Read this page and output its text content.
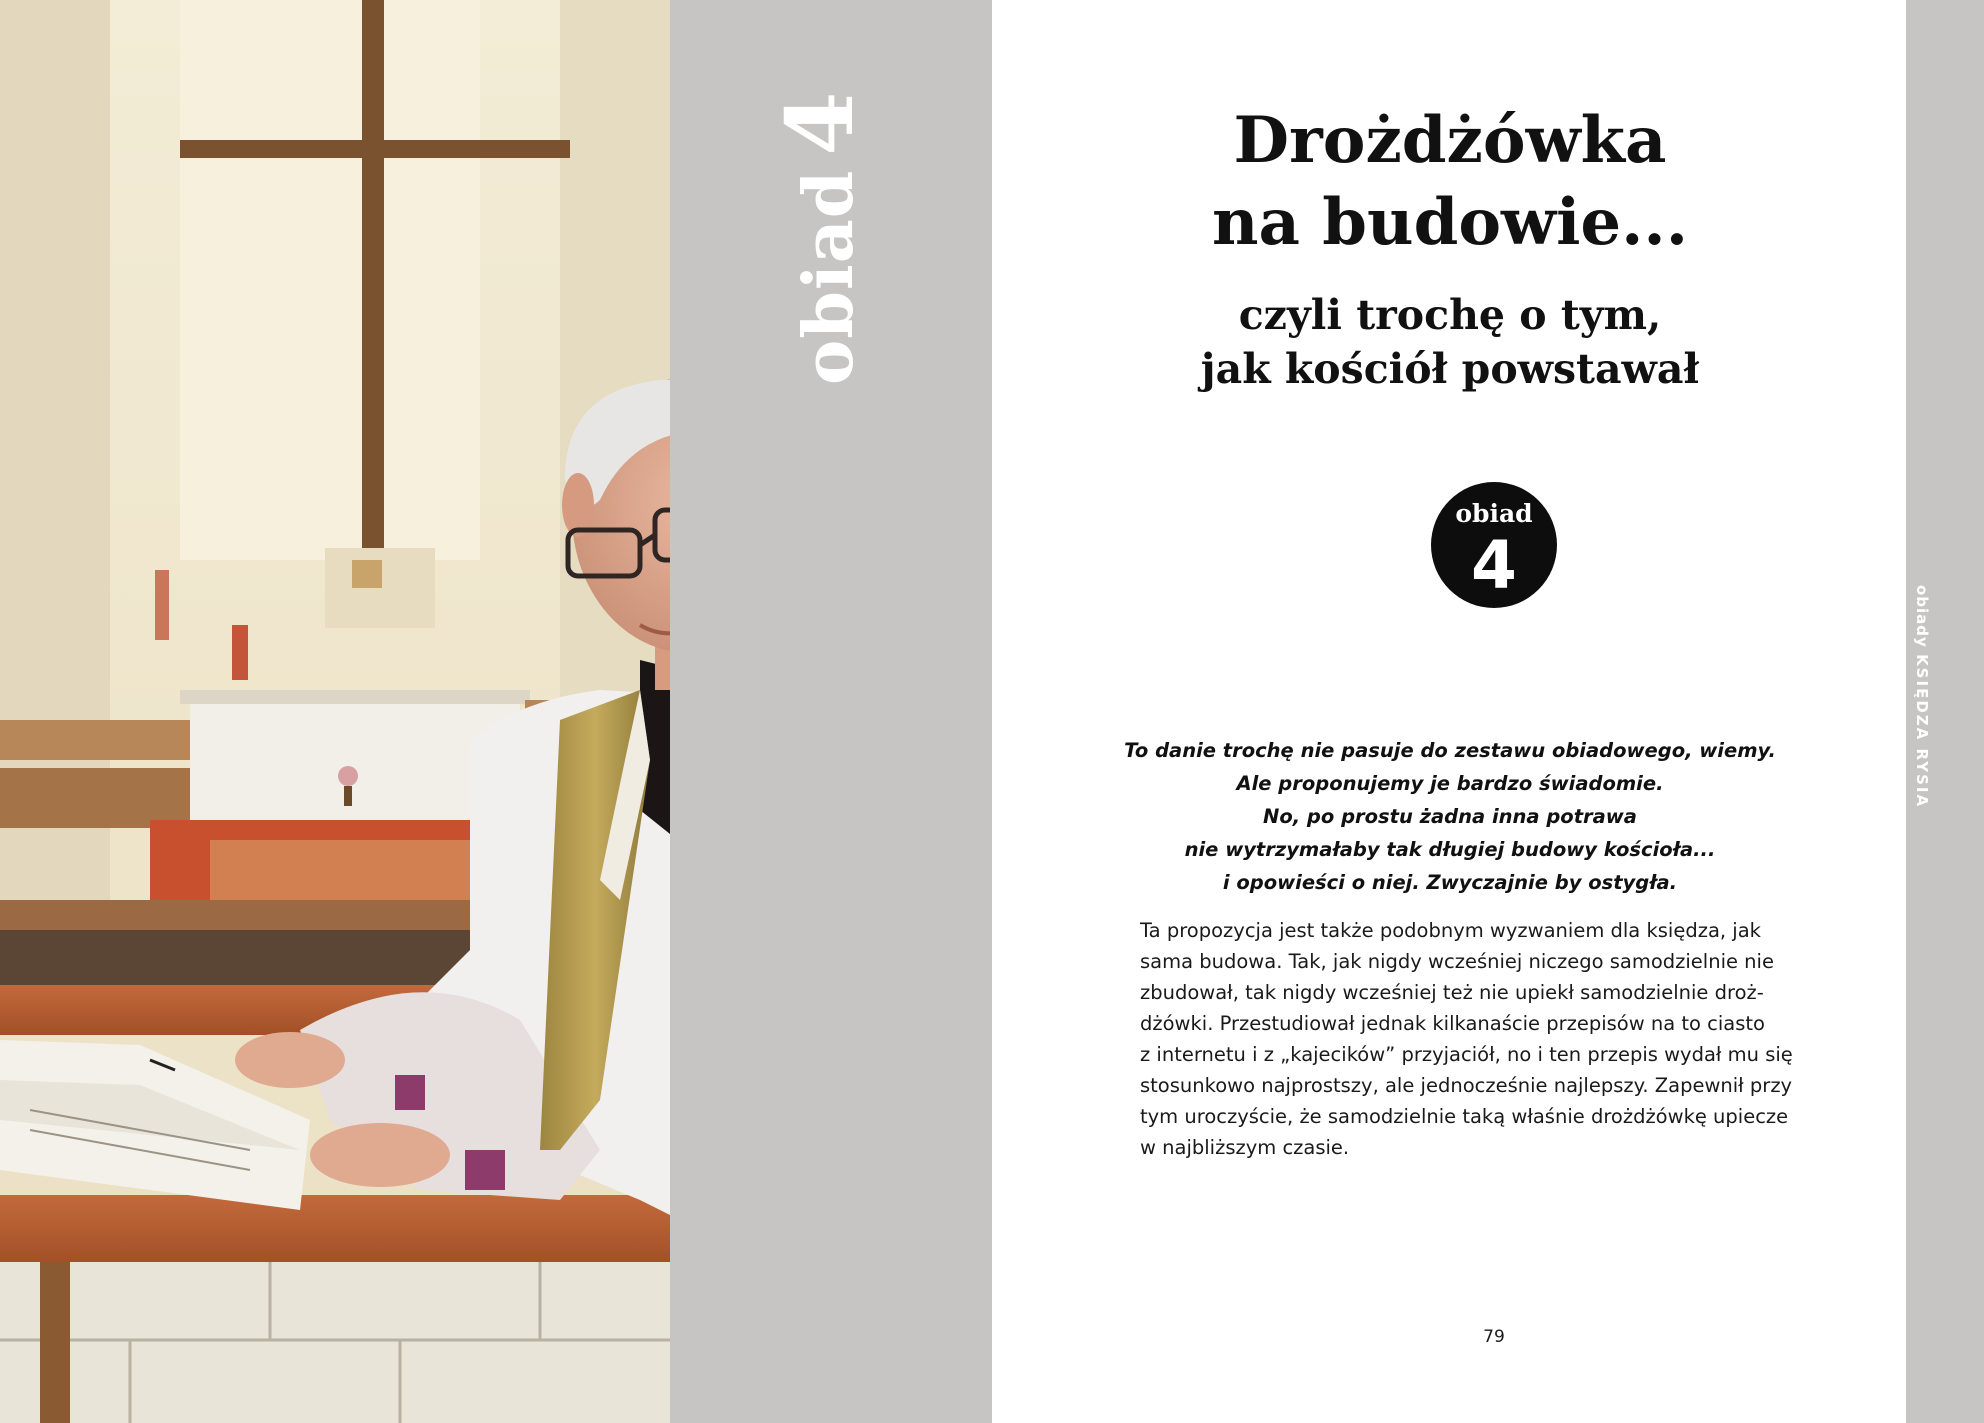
obiad4
obiady KSIĘDZA RYSIA
Drożdżówka
na budowie...
czyli trochę o tym,
jak kościół powstawał
obiad
4
To danie trochę nie pasuje do zestawu obiadowego, wiemy.
Ale proponujemy je bardzo świadomie.
No, po prostu żadna inna potrawa
nie wytrzymałaby tak długiej budowy kościoła...
i opowieści o niej. Zwyczajnie by ostygła.
Ta propozycja jest także podobnym wyzwaniem dla księdza, jak
sama budowa. Tak, jak nigdy wcześniej niczego samodzielnie nie
zbudował, tak nigdy wcześniej też nie upiekł samodzielnie droż-
dżówki. Przestudiował jednak kilkanaście przepisów na to ciasto
z internetu i z „kajecików” przyjaciół, no i ten przepis wydał mu się
stosunkowo najprostszy, ale jednocześnie najlepszy. Zapewnił przy
tym uroczyście, że samodzielnie taką właśnie drożdżówkę upiecze
w najbliższym czasie.
79
